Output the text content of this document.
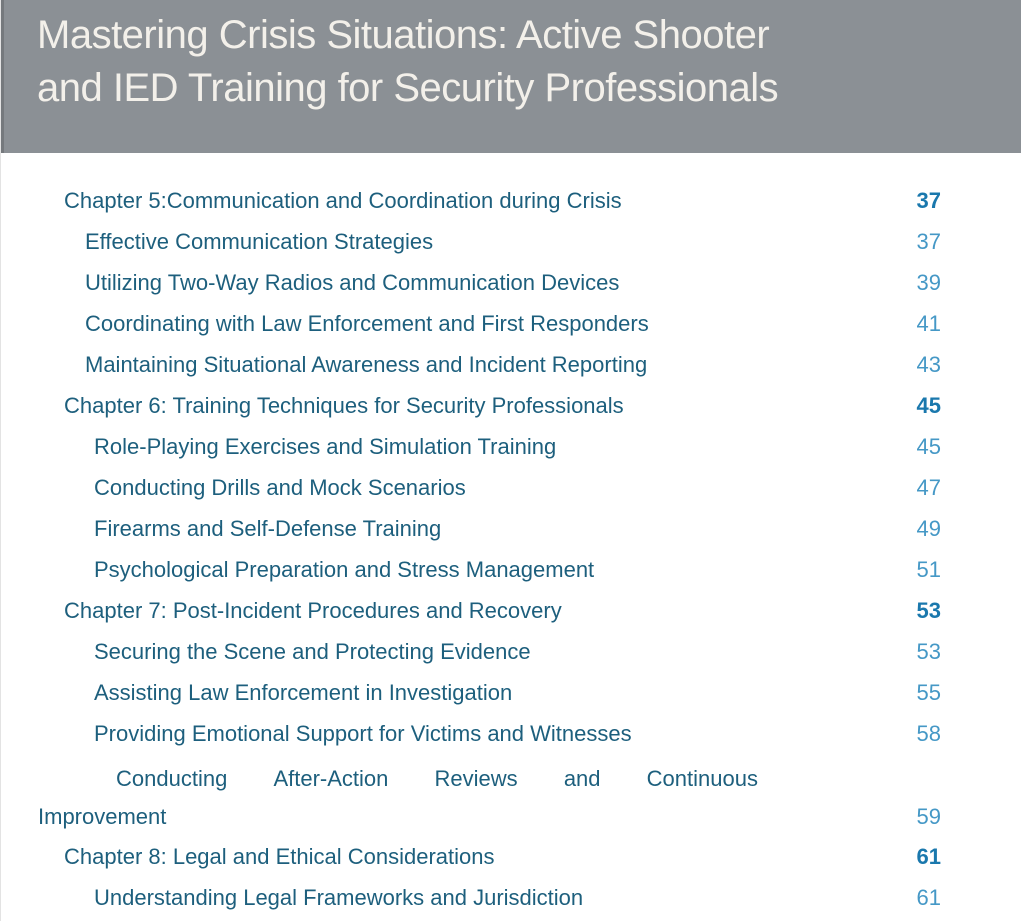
Mastering Crisis Situations: Active Shooter
and IED Training for Security Professionals
Chapter 5:Communication and Coordination during Crisis	37
Effective Communication Strategies	37
Utilizing Two-Way Radios and Communication Devices	39
Coordinating with Law Enforcement and First Responders	41
Maintaining Situational Awareness and Incident Reporting	43
Chapter 6: Training Techniques for Security Professionals	45
Role-Playing Exercises and Simulation Training	45
Conducting Drills and Mock Scenarios	47
Firearms and Self-Defense Training	49
Psychological Preparation and Stress Management	51
Chapter 7: Post-Incident Procedures and Recovery	53
Securing the Scene and Protecting Evidence	53
Assisting Law Enforcement in Investigation	55
Providing Emotional Support for Victims and Witnesses	58
Conducting After-Action Reviews and Continuous
Improvement	59
Chapter 8: Legal and Ethical Considerations	61
Understanding Legal Frameworks and Jurisdiction	61
